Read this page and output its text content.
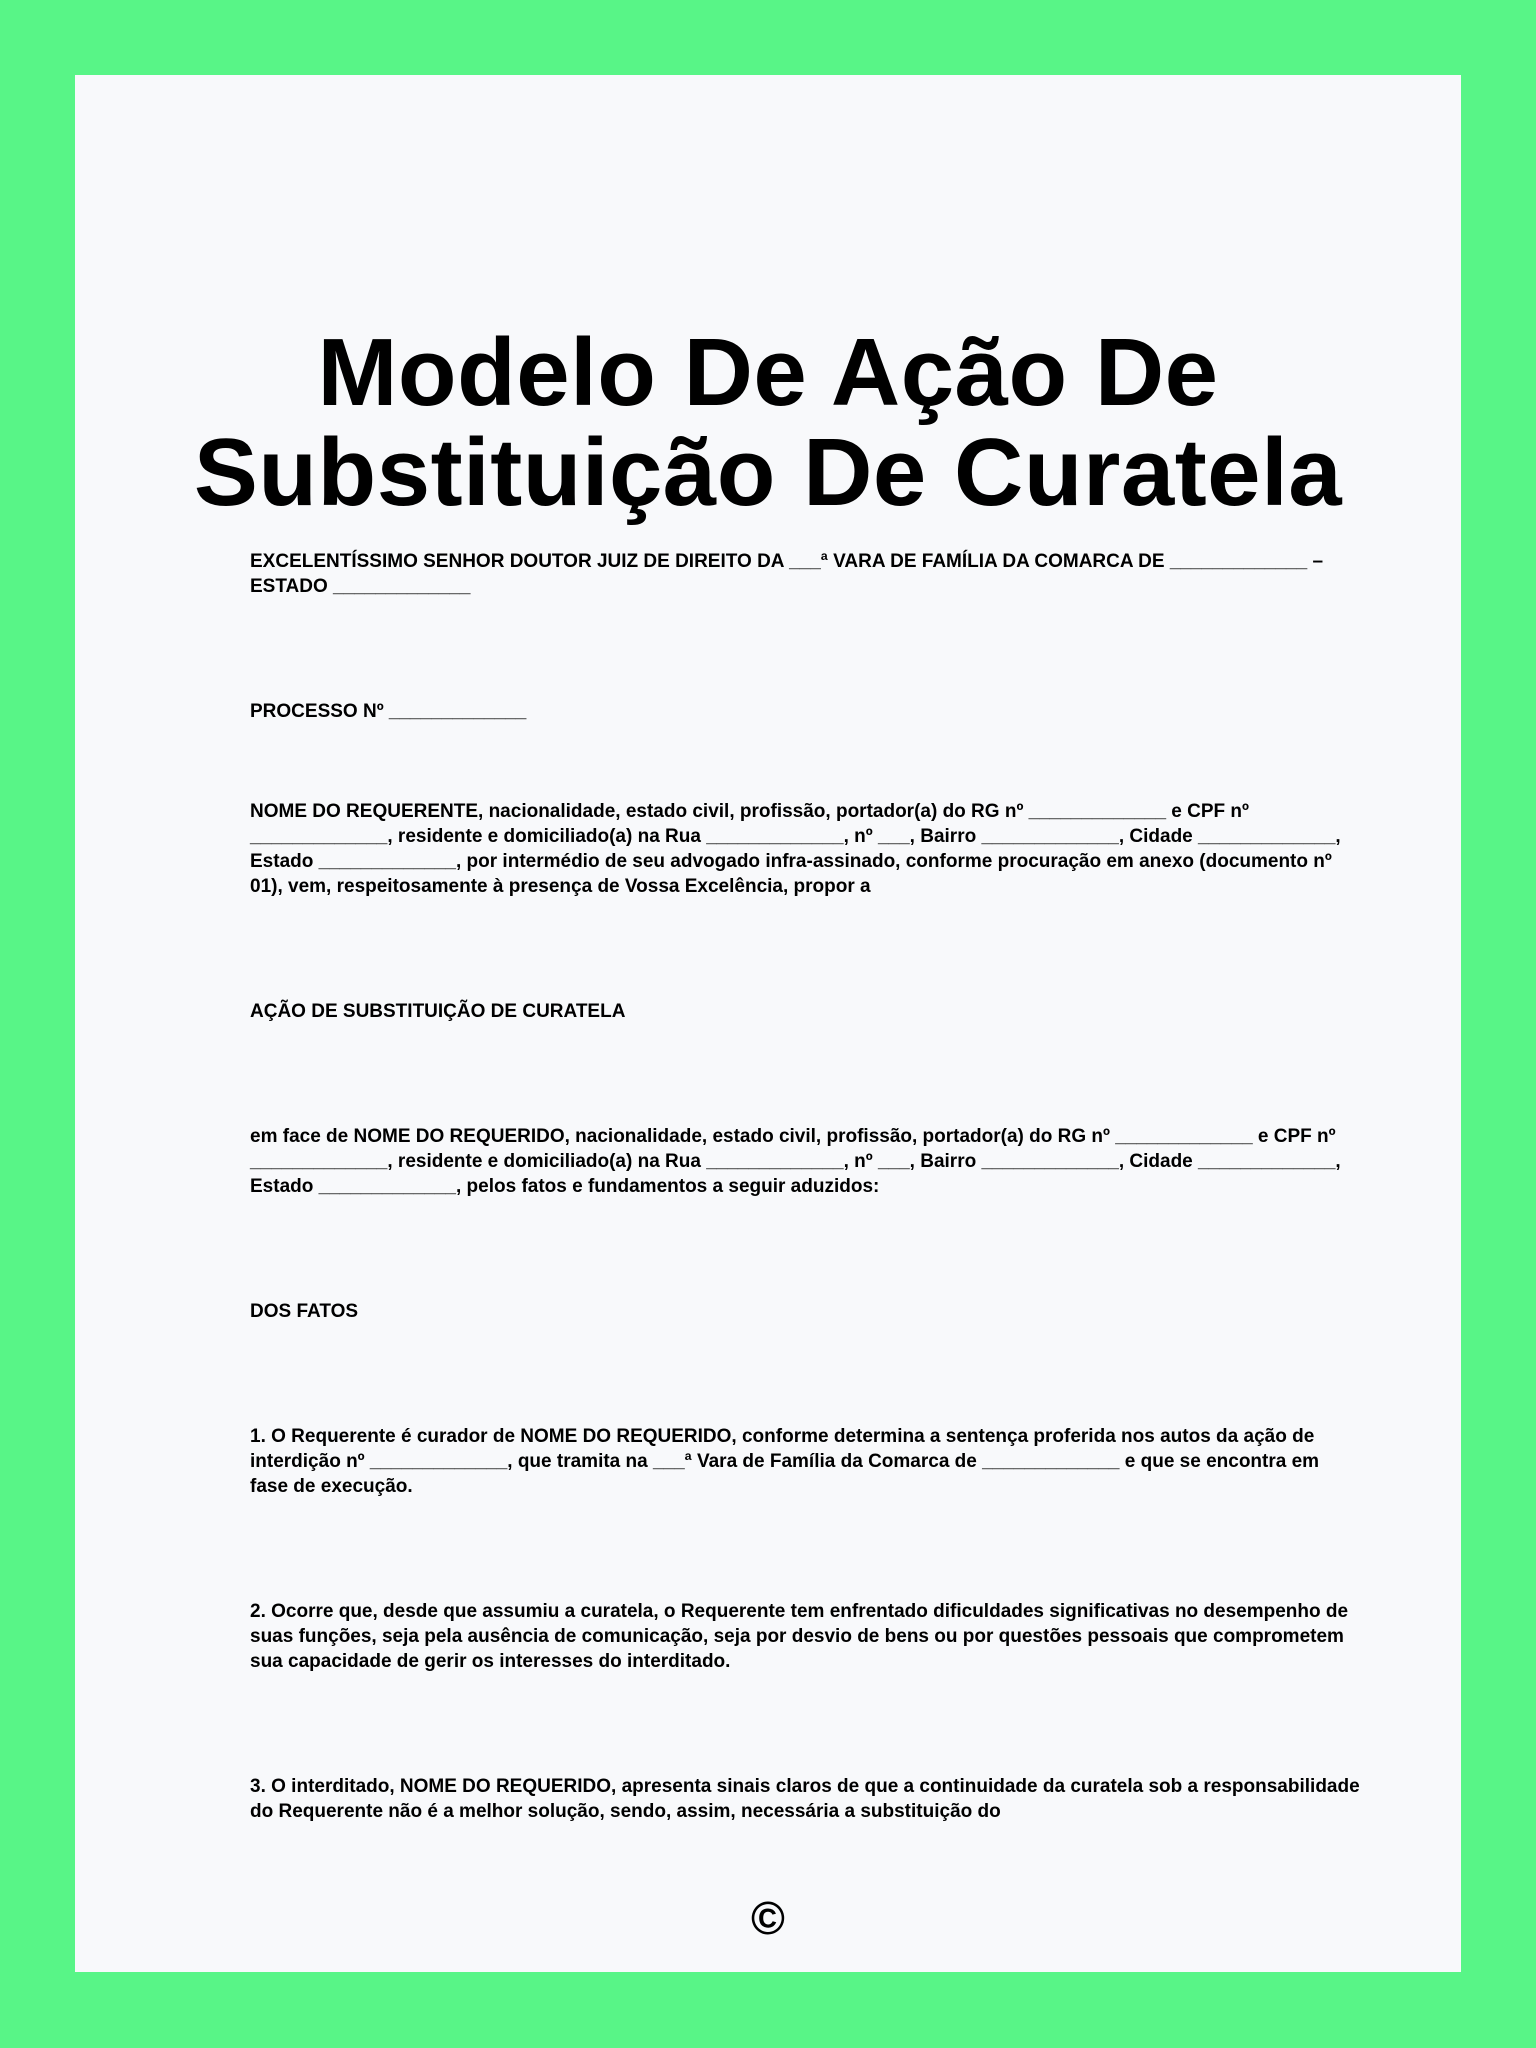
Modelo De Ação De
Substituição De Curatela

EXCELENTÍSSIMO SENHOR DOUTOR JUIZ DE DIREITO DA ___ª VARA DE FAMÍLIA DA COMARCA DE _____________ – ESTADO _____________

PROCESSO Nº _____________

NOME DO REQUERENTE, nacionalidade, estado civil, profissão, portador(a) do RG nº _____________ e CPF nº _____________, residente e domiciliado(a) na Rua _____________, nº ___, Bairro _____________, Cidade _____________, Estado _____________, por intermédio de seu advogado infra-assinado, conforme procuração em anexo (documento nº 01), vem, respeitosamente à presença de Vossa Excelência, propor a

AÇÃO DE SUBSTITUIÇÃO DE CURATELA

em face de NOME DO REQUERIDO, nacionalidade, estado civil, profissão, portador(a) do RG nº _____________ e CPF nº _____________, residente e domiciliado(a) na Rua _____________, nº ___, Bairro _____________, Cidade _____________, Estado _____________, pelos fatos e fundamentos a seguir aduzidos:

DOS FATOS

1. O Requerente é curador de NOME DO REQUERIDO, conforme determina a sentença proferida nos autos da ação de interdição nº _____________, que tramita na ___ª Vara de Família da Comarca de _____________ e que se encontra em fase de execução.

2. Ocorre que, desde que assumiu a curatela, o Requerente tem enfrentado dificuldades significativas no desempenho de suas funções, seja pela ausência de comunicação, seja por desvio de bens ou por questões pessoais que comprometem sua capacidade de gerir os interesses do interditado.

3. O interditado, NOME DO REQUERIDO, apresenta sinais claros de que a continuidade da curatela sob a responsabilidade do Requerente não é a melhor solução, sendo, assim, necessária a substituição do

©
